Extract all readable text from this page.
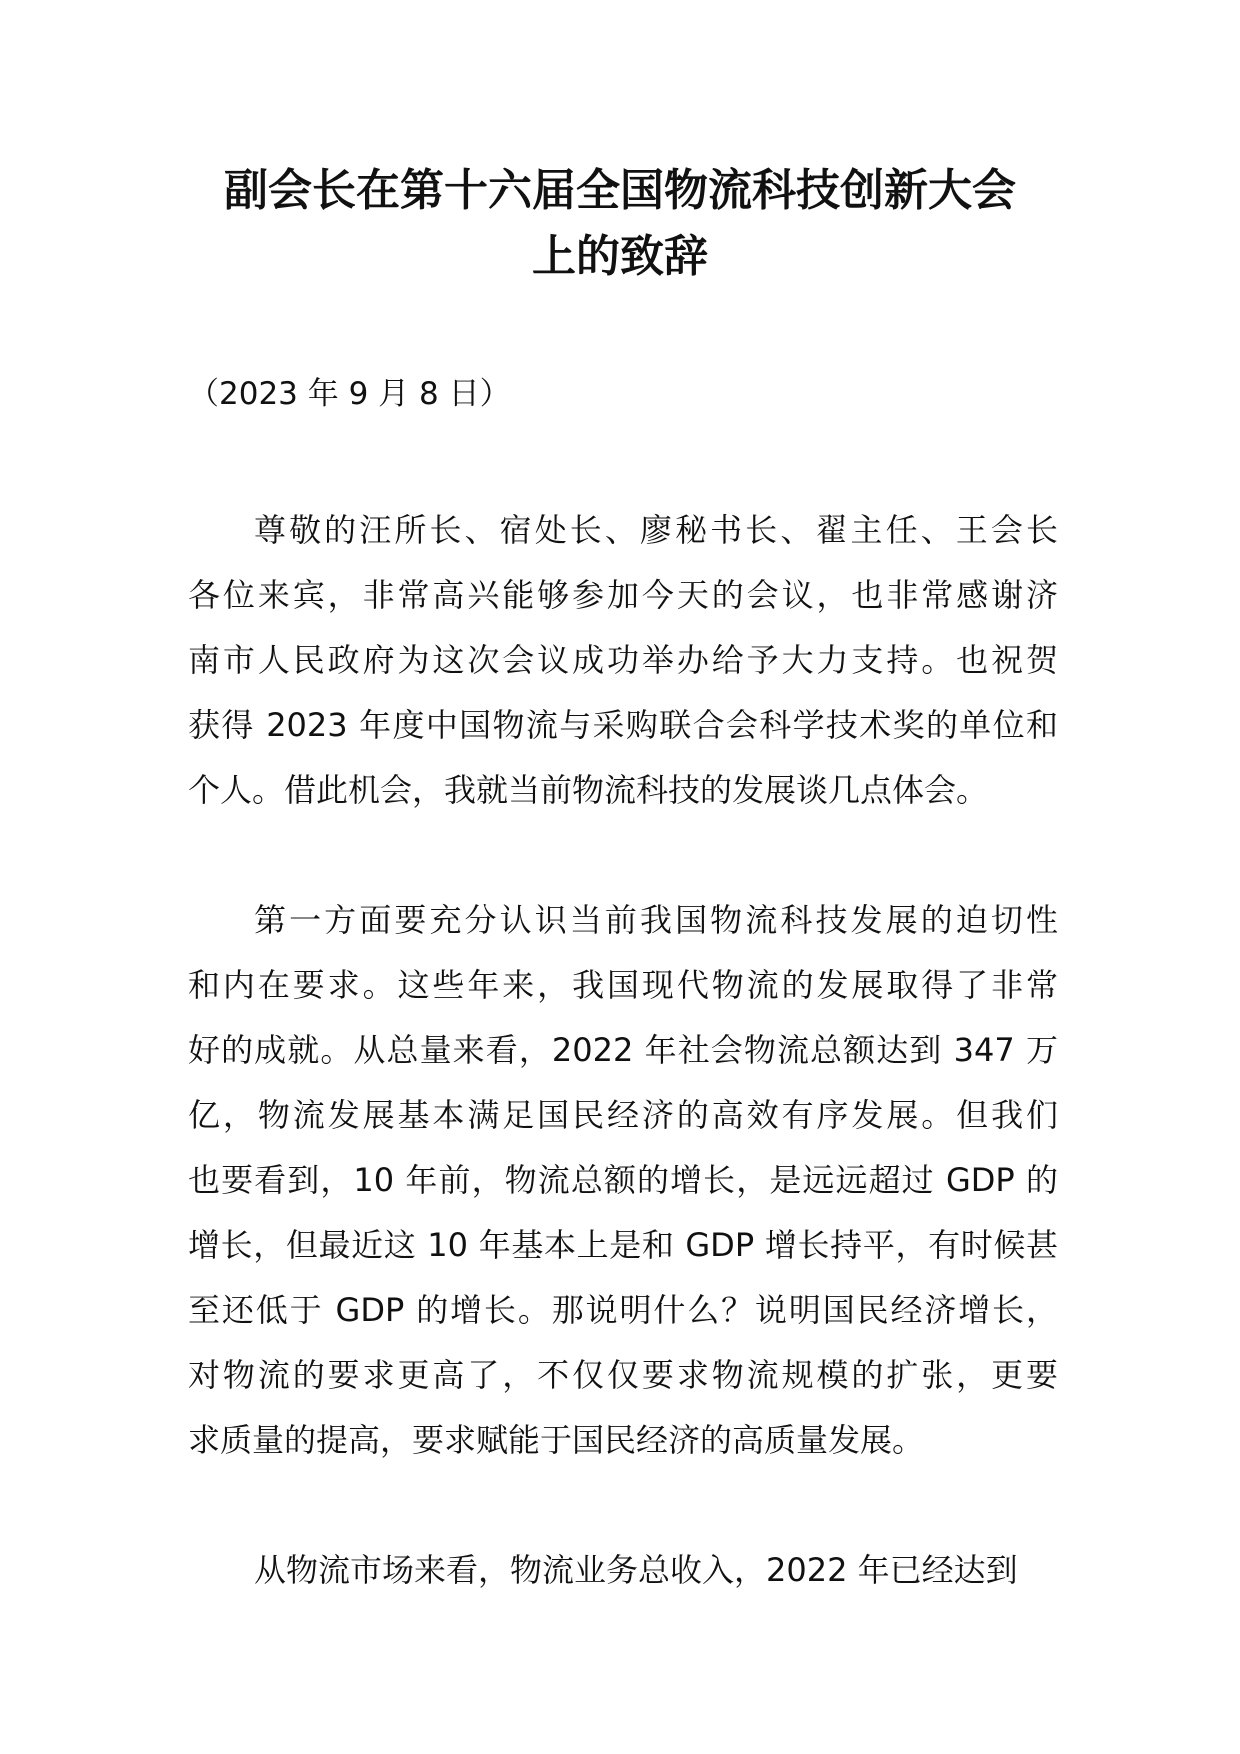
副会长在第十六届全国物流科技创新大会
上的致辞

（2023 年 9 月 8 日）

尊敬的汪所长、宿处长、廖秘书长、翟主任、王会长
各位来宾，非常高兴能够参加今天的会议，也非常感谢济
南市人民政府为这次会议成功举办给予大力支持。也祝贺
获得 2023 年度中国物流与采购联合会科学技术奖的单位和
个人。借此机会，我就当前物流科技的发展谈几点体会。

第一方面要充分认识当前我国物流科技发展的迫切性
和内在要求。这些年来，我国现代物流的发展取得了非常
好的成就。从总量来看，2022 年社会物流总额达到 347 万
亿，物流发展基本满足国民经济的高效有序发展。但我们
也要看到，10 年前，物流总额的增长，是远远超过 GDP 的
增长，但最近这 10 年基本上是和 GDP 增长持平，有时候甚
至还低于 GDP 的增长。那说明什么？说明国民经济增长，
对物流的要求更高了，不仅仅要求物流规模的扩张，更要
求质量的提高，要求赋能于国民经济的高质量发展。

从物流市场来看，物流业务总收入，2022 年已经达到
